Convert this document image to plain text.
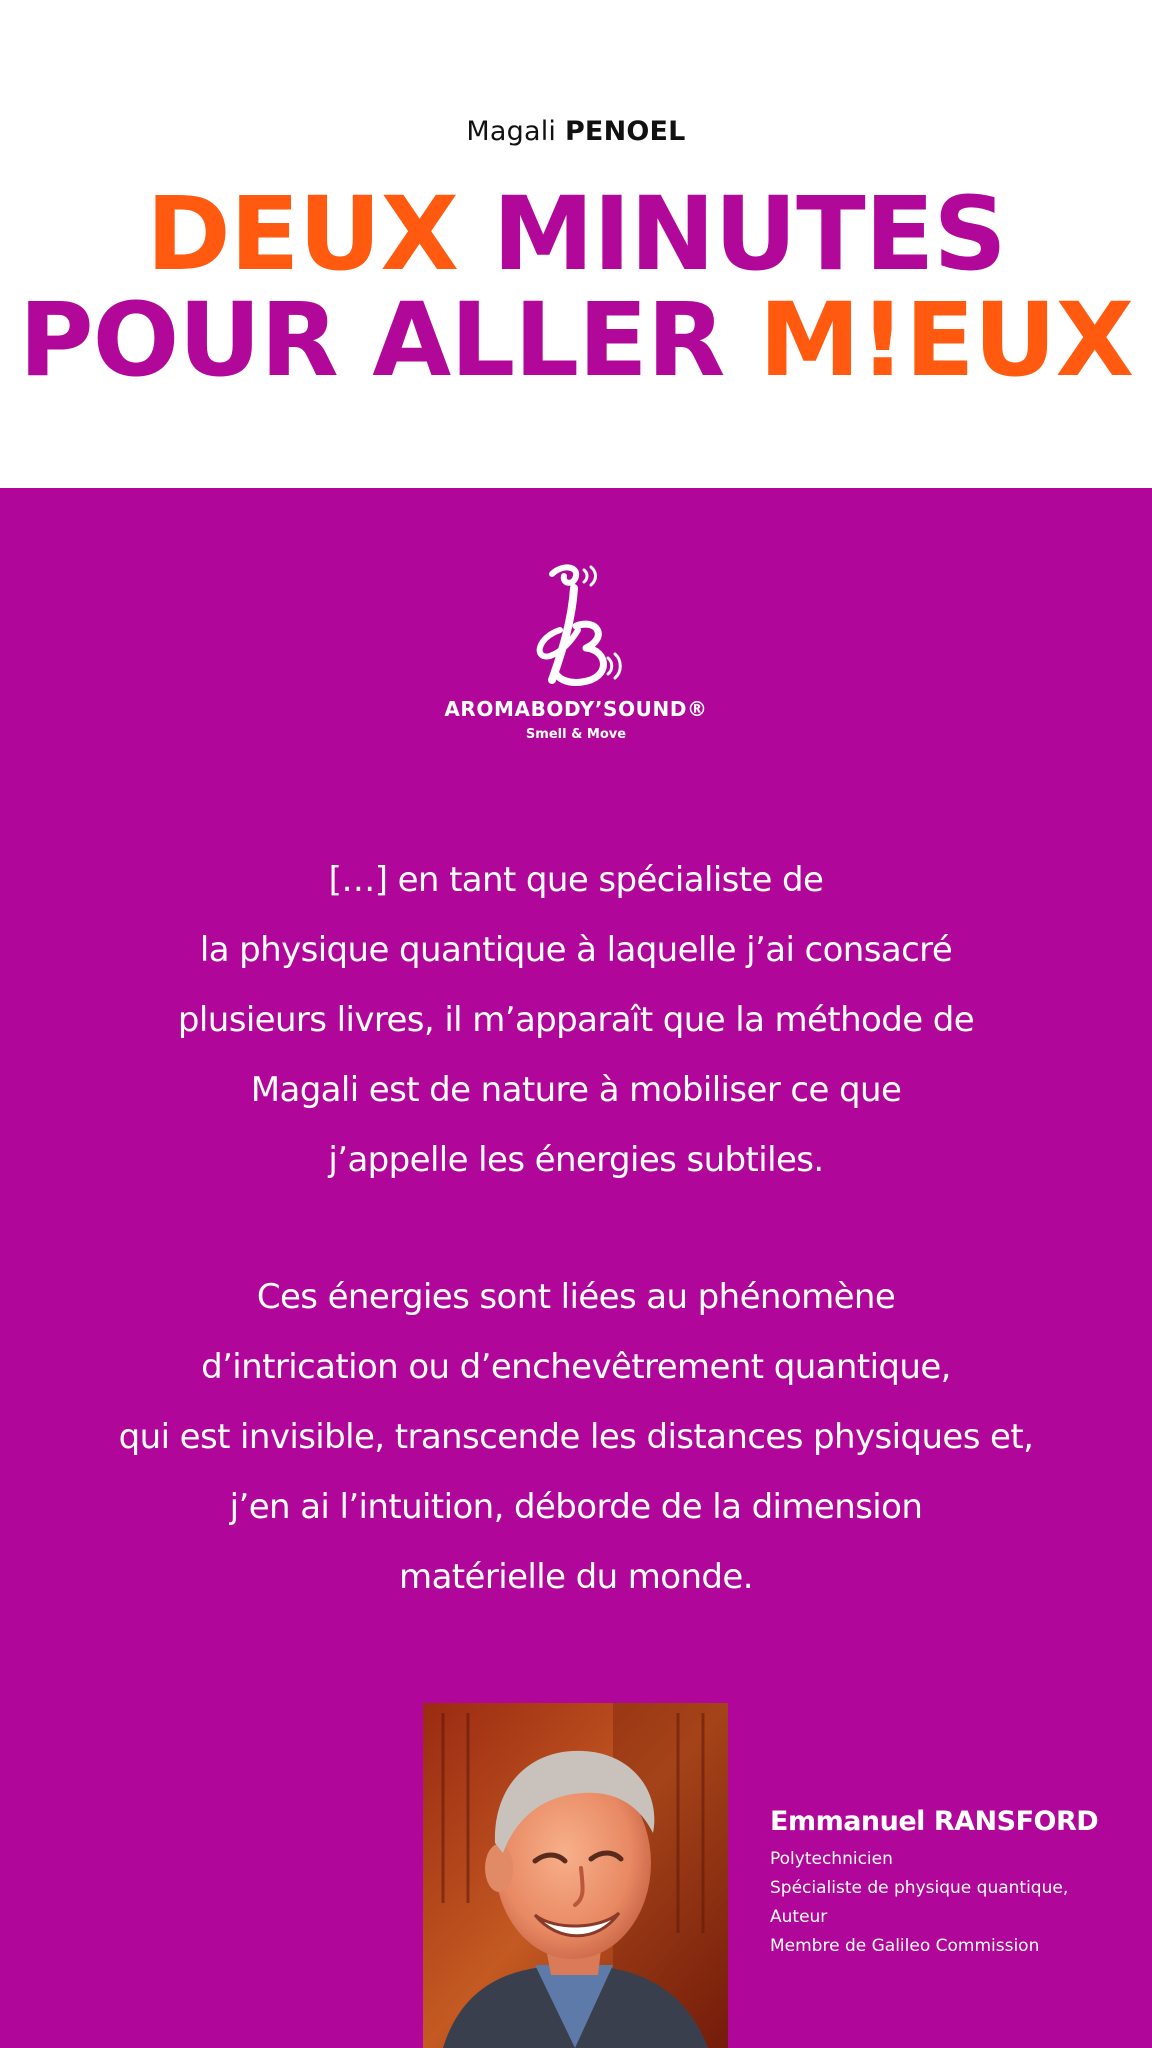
Magali PENOEL
DEUX MINUTES
POUR ALLER M!EUX
AROMABODY’SOUND®
Smell & Move
[…] en tant que spécialiste de
la physique quantique à laquelle j’ai consacré
plusieurs livres, il m’apparaît que la méthode de
Magali est de nature à mobiliser ce que
j’appelle les énergies subtiles.
Ces énergies sont liées au phénomène
d’intrication ou d’enchevêtrement quantique,
qui est invisible, transcende les distances physiques et,
j’en ai l’intuition, déborde de la dimension
matérielle du monde.
Emmanuel RANSFORD
Polytechnicien
Spécialiste de physique quantique,
Auteur
Membre de Galileo Commission
